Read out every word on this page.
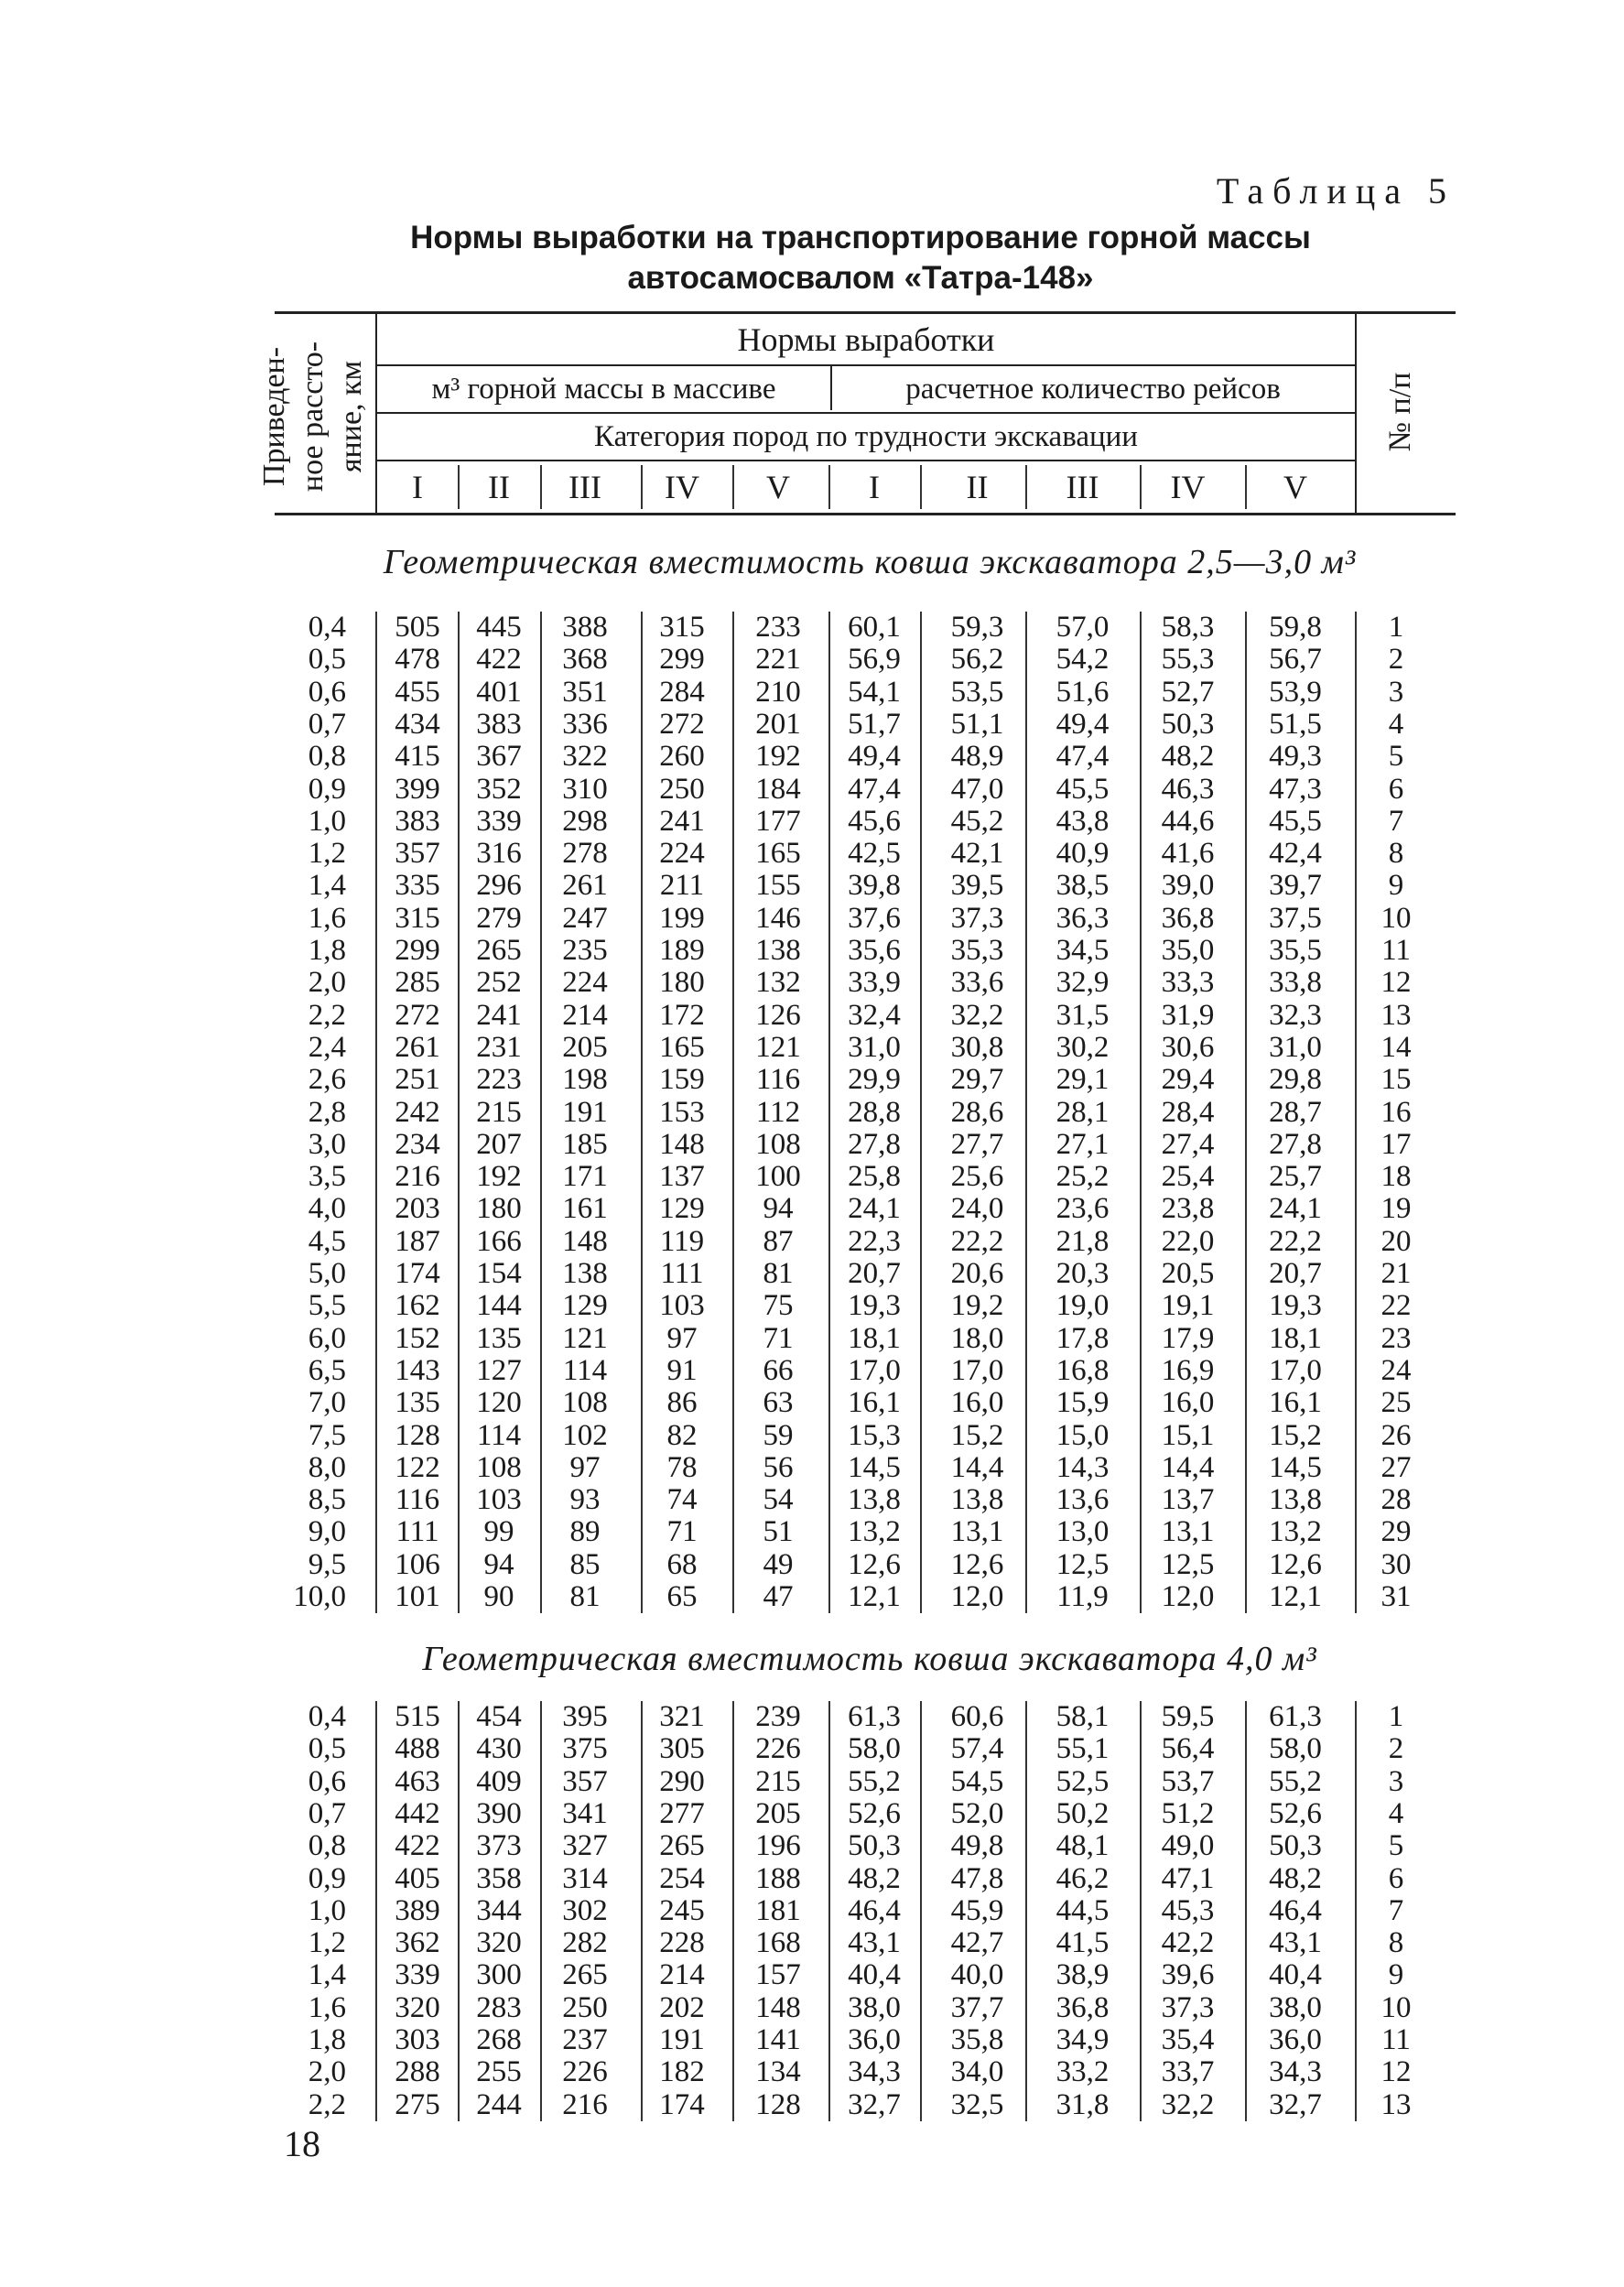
Таблица 5
Нормы выработки на транспортирование горной массы
автосамосвалом «Татра-148»
Приведен- ное рассто- яние, км
Нормы выработки
м³ горной массы в массиве	расчетное количество рейсов
Категория пород по трудности экскавации
I	II	III	IV	V	I	II	III	IV	V
№ п/п
Геометрическая вместимость ковша экскаватора 2,5—3,0 м³
0,4	505	445	388	315	233	60,1	59,3	57,0	58,3	59,8	1
0,5	478	422	368	299	221	56,9	56,2	54,2	55,3	56,7	2
0,6	455	401	351	284	210	54,1	53,5	51,6	52,7	53,9	3
0,7	434	383	336	272	201	51,7	51,1	49,4	50,3	51,5	4
0,8	415	367	322	260	192	49,4	48,9	47,4	48,2	49,3	5
0,9	399	352	310	250	184	47,4	47,0	45,5	46,3	47,3	6
1,0	383	339	298	241	177	45,6	45,2	43,8	44,6	45,5	7
1,2	357	316	278	224	165	42,5	42,1	40,9	41,6	42,4	8
1,4	335	296	261	211	155	39,8	39,5	38,5	39,0	39,7	9
1,6	315	279	247	199	146	37,6	37,3	36,3	36,8	37,5	10
1,8	299	265	235	189	138	35,6	35,3	34,5	35,0	35,5	11
2,0	285	252	224	180	132	33,9	33,6	32,9	33,3	33,8	12
2,2	272	241	214	172	126	32,4	32,2	31,5	31,9	32,3	13
2,4	261	231	205	165	121	31,0	30,8	30,2	30,6	31,0	14
2,6	251	223	198	159	116	29,9	29,7	29,1	29,4	29,8	15
2,8	242	215	191	153	112	28,8	28,6	28,1	28,4	28,7	16
3,0	234	207	185	148	108	27,8	27,7	27,1	27,4	27,8	17
3,5	216	192	171	137	100	25,8	25,6	25,2	25,4	25,7	18
4,0	203	180	161	129	94	24,1	24,0	23,6	23,8	24,1	19
4,5	187	166	148	119	87	22,3	22,2	21,8	22,0	22,2	20
5,0	174	154	138	111	81	20,7	20,6	20,3	20,5	20,7	21
5,5	162	144	129	103	75	19,3	19,2	19,0	19,1	19,3	22
6,0	152	135	121	97	71	18,1	18,0	17,8	17,9	18,1	23
6,5	143	127	114	91	66	17,0	17,0	16,8	16,9	17,0	24
7,0	135	120	108	86	63	16,1	16,0	15,9	16,0	16,1	25
7,5	128	114	102	82	59	15,3	15,2	15,0	15,1	15,2	26
8,0	122	108	97	78	56	14,5	14,4	14,3	14,4	14,5	27
8,5	116	103	93	74	54	13,8	13,8	13,6	13,7	13,8	28
9,0	111	99	89	71	51	13,2	13,1	13,0	13,1	13,2	29
9,5	106	94	85	68	49	12,6	12,6	12,5	12,5	12,6	30
10,0	101	90	81	65	47	12,1	12,0	11,9	12,0	12,1	31
Геометрическая вместимость ковша экскаватора 4,0 м³
0,4	515	454	395	321	239	61,3	60,6	58,1	59,5	61,3	1
0,5	488	430	375	305	226	58,0	57,4	55,1	56,4	58,0	2
0,6	463	409	357	290	215	55,2	54,5	52,5	53,7	55,2	3
0,7	442	390	341	277	205	52,6	52,0	50,2	51,2	52,6	4
0,8	422	373	327	265	196	50,3	49,8	48,1	49,0	50,3	5
0,9	405	358	314	254	188	48,2	47,8	46,2	47,1	48,2	6
1,0	389	344	302	245	181	46,4	45,9	44,5	45,3	46,4	7
1,2	362	320	282	228	168	43,1	42,7	41,5	42,2	43,1	8
1,4	339	300	265	214	157	40,4	40,0	38,9	39,6	40,4	9
1,6	320	283	250	202	148	38,0	37,7	36,8	37,3	38,0	10
1,8	303	268	237	191	141	36,0	35,8	34,9	35,4	36,0	11
2,0	288	255	226	182	134	34,3	34,0	33,2	33,7	34,3	12
2,2	275	244	216	174	128	32,7	32,5	31,8	32,2	32,7	13
18
